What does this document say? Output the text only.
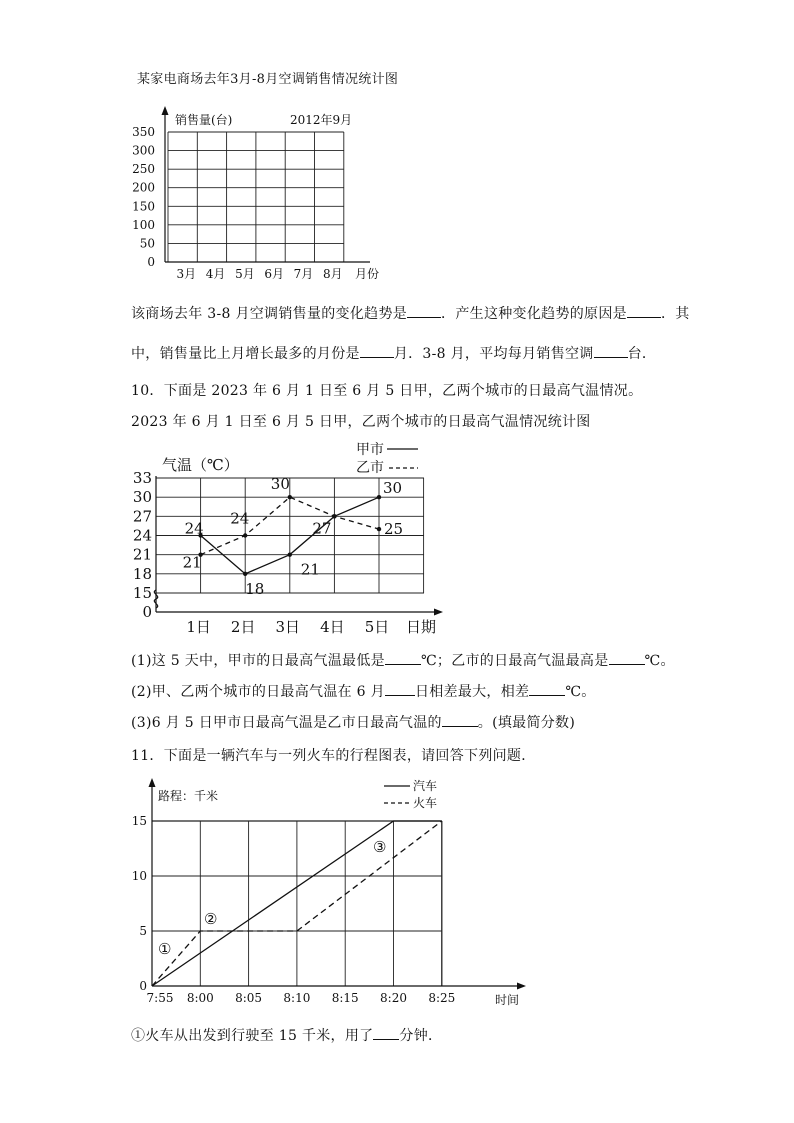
某家电商场去年3月-8月空调销售情况统计图
0
50
100
150
200
250
300
350
3月 4月 5月 6月 7月 8月
销售量(台)	2012年9月
月份
该商场去年 3-8 月空调销售量的变化趋势是 ．产生这种变化趋势的原因是 ．其
中，销售量比上月增长最多的月份是 月．3-8 月，平均每月销售空调 台．
10．下面是 2023 年 6 月 1 日至 6 月 5 日甲，乙两个城市的日最高气温情况。
2023 年 6 月 1 日至 6 月 5 日甲，乙两个城市的日最高气温情况统计图
0
15
18
21
24
27
30
33
1日 2日 3日 4日 5日
24
18
21
27
30
21
24
30
25
气温（℃）
日期
甲市
乙市
(1)这 5 天中，甲市的日最高气温最低是	℃；乙市的日最高气温最高是	℃。
(2)甲、乙两个城市的日最高气温在 6 月 日相差最大，相差	℃。
(3)6 月 5 日甲市日最高气温是乙市日最高气温的	。(填最简分数)
11．下面是一辆汽车与一列火车的行程图表，请回答下列问题．
0
5
10
15
7:55 8:00 8:05 8:10 8:15 8:20 8:25
路程：千米
时间
汽车
火车
①
②
③
①火车从出发到行驶至 15 千米，用了 分钟．
